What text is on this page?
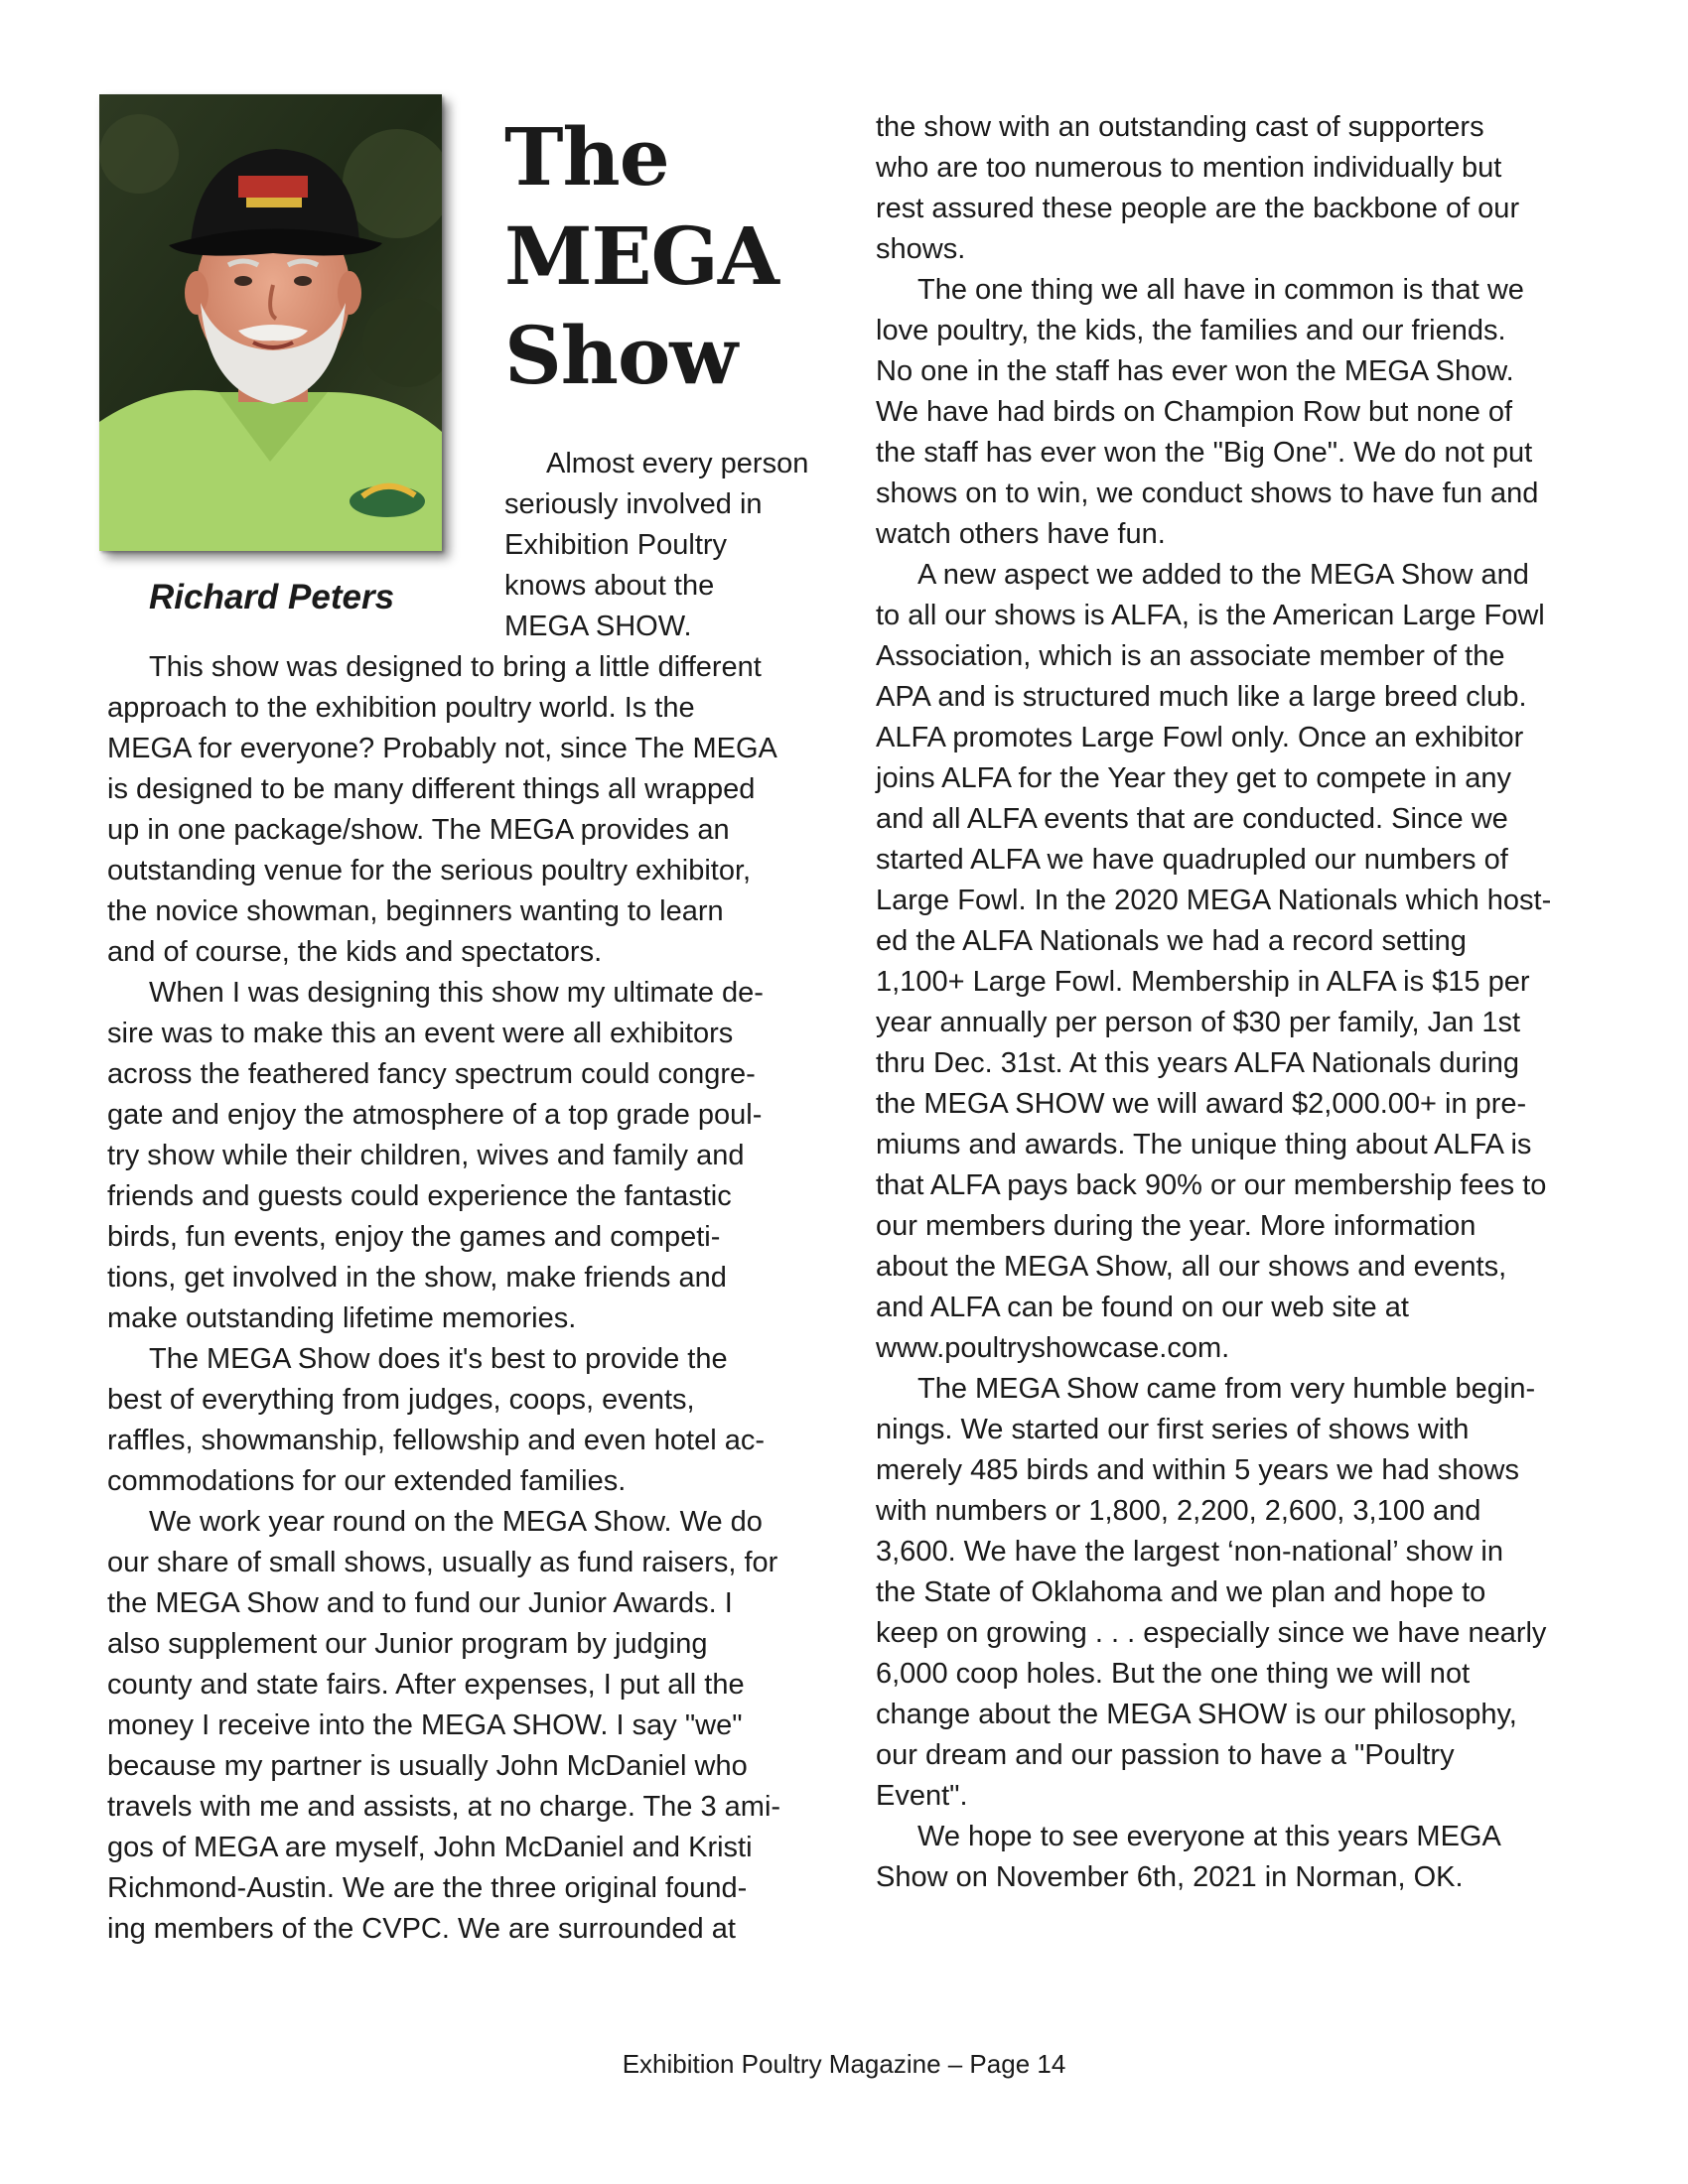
Richard Peters
The
MEGA
Show
Almost every person
seriously involved in
Exhibition Poultry
knows about the
MEGA SHOW.
This show was designed to bring a little different
approach to the exhibition poultry world. Is the
MEGA for everyone? Probably not, since The MEGA
is designed to be many different things all wrapped
up in one package/show. The MEGA provides an
outstanding venue for the serious poultry exhibitor,
the novice showman, beginners wanting to learn
and of course, the kids and spectators.
When I was designing this show my ultimate de-
sire was to make this an event were all exhibitors
across the feathered fancy spectrum could congre-
gate and enjoy the atmosphere of a top grade poul-
try show while their children, wives and family and
friends and guests could experience the fantastic
birds, fun events, enjoy the games and competi-
tions, get involved in the show, make friends and
make outstanding lifetime memories.
The MEGA Show does it's best to provide the
best of everything from judges, coops, events,
raffles, showmanship, fellowship and even hotel ac-
commodations for our extended families.
We work year round on the MEGA Show. We do
our share of small shows, usually as fund raisers, for
the MEGA Show and to fund our Junior Awards. I
also supplement our Junior program by judging
county and state fairs. After expenses, I put all the
money I receive into the MEGA SHOW. I say "we"
because my partner is usually John McDaniel who
travels with me and assists, at no charge. The 3 ami-
gos of MEGA are myself, John McDaniel and Kristi
Richmond-Austin. We are the three original found-
ing members of the CVPC. We are surrounded at
the show with an outstanding cast of supporters
who are too numerous to mention individually but
rest assured these people are the backbone of our
shows.
The one thing we all have in common is that we
love poultry, the kids, the families and our friends.
No one in the staff has ever won the MEGA Show.
We have had birds on Champion Row but none of
the staff has ever won the "Big One". We do not put
shows on to win, we conduct shows to have fun and
watch others have fun.
A new aspect we added to the MEGA Show and
to all our shows is ALFA, is the American Large Fowl
Association, which is an associate member of the
APA and is structured much like a large breed club.
ALFA promotes Large Fowl only. Once an exhibitor
joins ALFA for the Year they get to compete in any
and all ALFA events that are conducted. Since we
started ALFA we have quadrupled our numbers of
Large Fowl. In the 2020 MEGA Nationals which host-
ed the ALFA Nationals we had a record setting
1,100+ Large Fowl. Membership in ALFA is $15 per
year annually per person of $30 per family, Jan 1st
thru Dec. 31st. At this years ALFA Nationals during
the MEGA SHOW we will award $2,000.00+ in pre-
miums and awards. The unique thing about ALFA is
that ALFA pays back 90% or our membership fees to
our members during the year. More information
about the MEGA Show, all our shows and events,
and ALFA can be found on our web site at
www.poultryshowcase.com.
The MEGA Show came from very humble begin-
nings. We started our first series of shows with
merely 485 birds and within 5 years we had shows
with numbers or 1,800, 2,200, 2,600, 3,100 and
3,600. We have the largest ‘non-national’ show in
the State of Oklahoma and we plan and hope to
keep on growing . . . especially since we have nearly
6,000 coop holes. But the one thing we will not
change about the MEGA SHOW is our philosophy,
our dream and our passion to have a "Poultry
Event".
We hope to see everyone at this years MEGA
Show on November 6th, 2021 in Norman, OK.
Exhibition Poultry Magazine – Page 14
